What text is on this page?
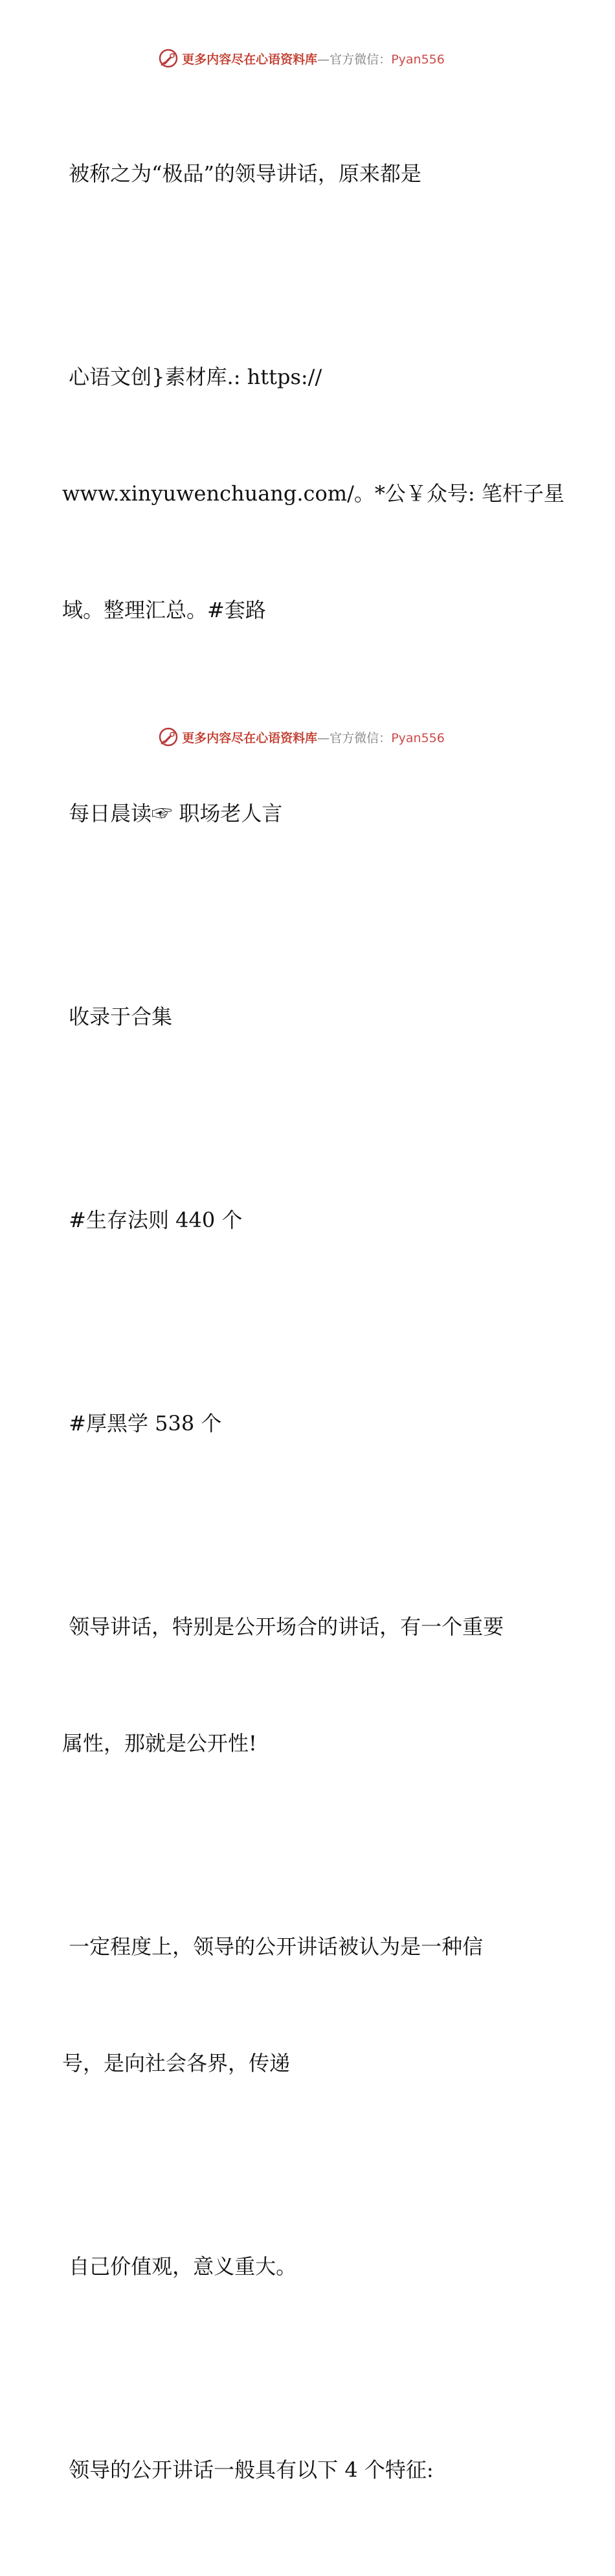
更多内容尽在心语资料库—官方微信：Pyan556

被称之为“极品”的领导讲话，原来都是

心语文创}素材库.: https://

www.xinyuwenchuang.com/。*公￥众号: 笔杆子星

域。整理汇总。#套路

每日晨读☞ 职场老人言

收录于合集

#生存法则 440 个

#厚黑学 538 个

领导讲话，特别是公开场合的讲话，有一个重要

属性，那就是公开性!

一定程度上，领导的公开讲话被认为是一种信

号，是向社会各界，传递

自己价值观，意义重大。

领导的公开讲话一般具有以下 4 个特征:

更多内容尽在心语资料库—官方微信：Pyan556
